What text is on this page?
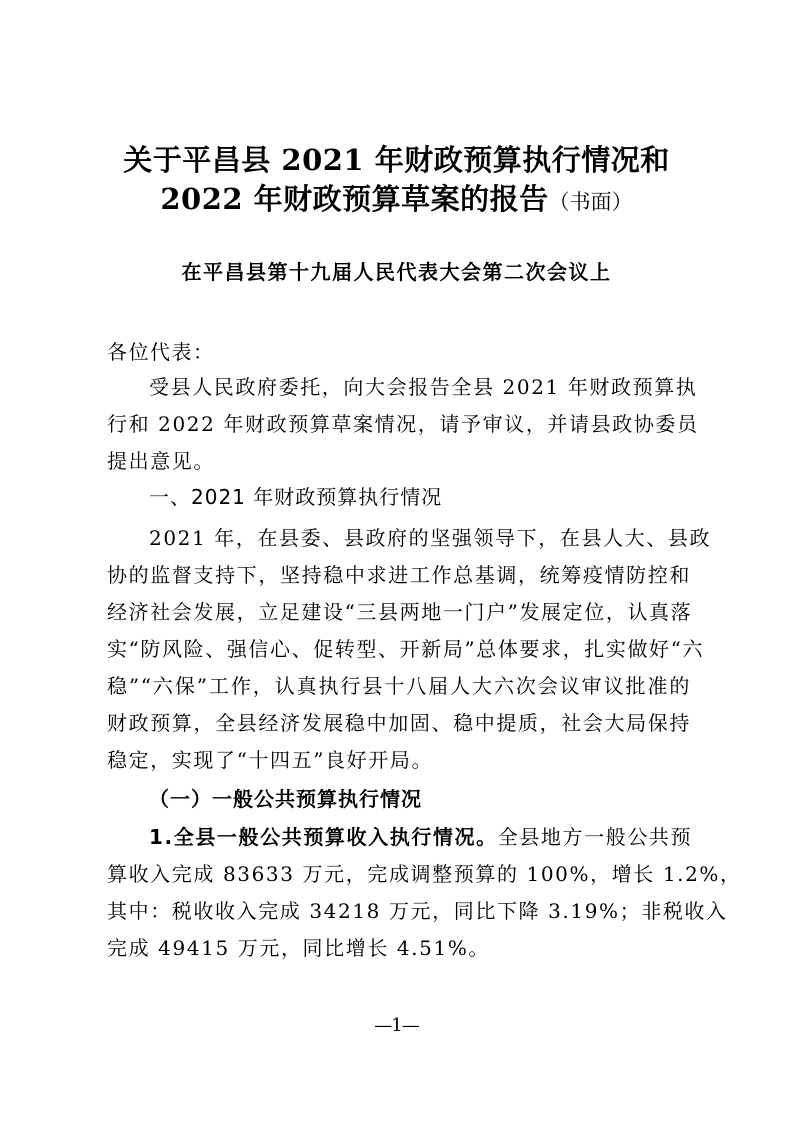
关于平昌县 2021 年财政预算执行情况和
2022 年财政预算草案的报告（书面）
在平昌县第十九届人民代表大会第二次会议上
各位代表：
受县人民政府委托，向大会报告全县 2021 年财政预算执
行和 2022 年财政预算草案情况，请予审议，并请县政协委员
提出意见。
一、2021 年财政预算执行情况
2021 年，在县委、县政府的坚强领导下，在县人大、县政
协的监督支持下，坚持稳中求进工作总基调，统筹疫情防控和
经济社会发展，立足建设“三县两地一门户”发展定位，认真落
实“防风险、强信心、促转型、开新局”总体要求，扎实做好“六
稳”“六保”工作，认真执行县十八届人大六次会议审议批准的
财政预算，全县经济发展稳中加固、稳中提质，社会大局保持
稳定，实现了“十四五”良好开局。
（一）一般公共预算执行情况
1.全县一般公共预算收入执行情况。全县地方一般公共预
算收入完成 83633 万元，完成调整预算的 100%，增长 1.2%，
其中：税收收入完成 34218 万元，同比下降 3.19%；非税收入
完成 49415 万元，同比增长 4.51%。
—1—
